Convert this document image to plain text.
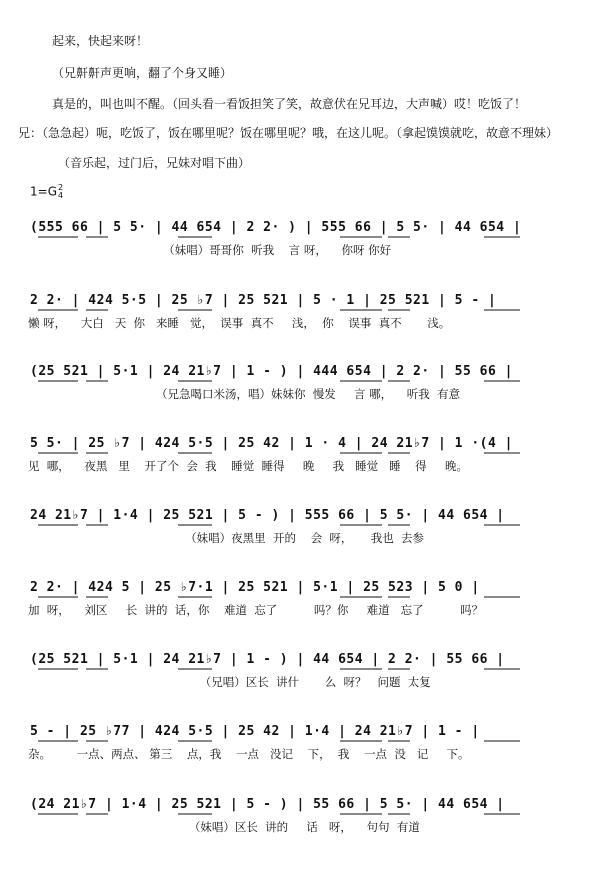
起来，快起来呀！
（兄鼾鼾声更响，翻了个身又睡）
真是的，叫也叫不醒。（回头看一看饭担笑了笑，故意伏在兄耳边，大声喊）哎！吃饭了！
兄：（急急起）呃，吃饭了，饭在哪里呢？饭在哪里呢？哦，在这儿呢。（拿起馍馍就吃，故意不理妹）
（音乐起，过门后，兄妹对唱下曲）
1=G 2
4
(555 66 | 5 5· | 44 654 | 2 2· ) | 555 66 | 5 5· | 44 654 |
（妹唱）哥哥你  听我    言 呀，    你呀 你好
2 2· | 424 5·5 | 25 ♭7 | 25 521 | 5 · 1 | 25 521 | 5 - |
懒 呀，    大白   天  你   来睡   觉，  误事  真不     浅，  你    误事  真不       浅。
(25 521 | 5·1 | 24 21♭7 | 1 - ) | 444 654 | 2 2· | 55 66 |
（兄急喝口米汤，唱）妹妹你  慢发     言 哪，    听我  有意
5 5· | 25 ♭7 | 424 5·5 | 25 42 | 1 · 4 | 24 21♭7 | 1 ·(4 |
见  哪，    夜黑   里    开了个  会  我    睡觉  睡得     晚     我   睡觉   睡    得     晚。
24 21♭7 | 1·4 | 25 521 | 5 - ) | 555 66 | 5 5· | 44 654 |
（妹唱）夜黑里  开的    会  呀，     我也  去参
2 2· | 424 5 | 25 ♭7·1 | 25 521 | 5·1 | 25 523 | 5 0 |
加  呀，    刘区     长  讲的  话，你    难道  忘了          吗？你     难道   忘了          吗？
(25 521 | 5·1 | 24 21♭7 | 1 - ) | 44 654 | 2 2· | 55 66 |
（兄唱）区长  讲什       么  呀？   问题  太复
5 - | 25 ♭77 | 424 5·5 | 25 42 | 1·4 | 24 21♭7 | 1 - |
杂。       一点、两点、 第三    点，我    一点   没记    下，  我    一点  没   记     下。
(24 21♭7 | 1·4 | 25 521 | 5 - ) | 55 66 | 5 5· | 44 654 |
（妹唱）区长  讲的     话   呀，    句句  有道
